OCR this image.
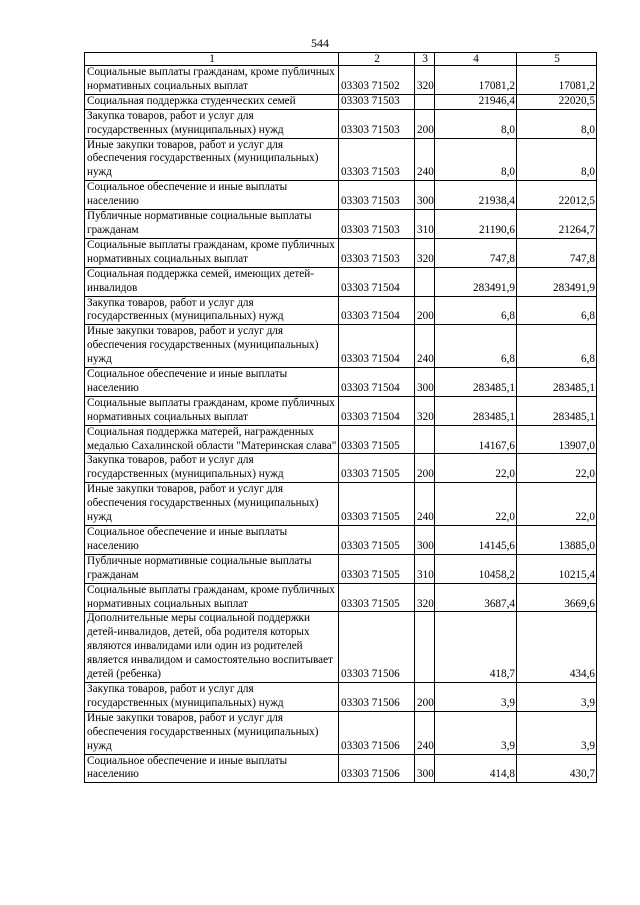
544
1	2	3	4	5
Социальные выплаты гражданам, кроме публичных нормативных социальных выплат	03303 71502	320	17081,2	17081,2
Социальная поддержка студенческих семей	03303 71503		21946,4	22020,5
Закупка товаров, работ и услуг для государственных (муниципальных) нужд	03303 71503	200	8,0	8,0
Иные закупки товаров, работ и услуг для обеспечения государственных (муниципальных) нужд	03303 71503	240	8,0	8,0
Социальное обеспечение и иные выплаты населению	03303 71503	300	21938,4	22012,5
Публичные нормативные социальные выплаты гражданам	03303 71503	310	21190,6	21264,7
Социальные выплаты гражданам, кроме публичных нормативных социальных выплат	03303 71503	320	747,8	747,8
Социальная поддержка семей, имеющих детей-инвалидов	03303 71504		283491,9	283491,9
Закупка товаров, работ и услуг для государственных (муниципальных) нужд	03303 71504	200	6,8	6,8
Иные закупки товаров, работ и услуг для обеспечения государственных (муниципальных) нужд	03303 71504	240	6,8	6,8
Социальное обеспечение и иные выплаты населению	03303 71504	300	283485,1	283485,1
Социальные выплаты гражданам, кроме публичных нормативных социальных выплат	03303 71504	320	283485,1	283485,1
Социальная поддержка матерей, награжденных медалью Сахалинской области "Материнская слава"	03303 71505		14167,6	13907,0
Закупка товаров, работ и услуг для государственных (муниципальных) нужд	03303 71505	200	22,0	22,0
Иные закупки товаров, работ и услуг для обеспечения государственных (муниципальных) нужд	03303 71505	240	22,0	22,0
Социальное обеспечение и иные выплаты населению	03303 71505	300	14145,6	13885,0
Публичные нормативные социальные выплаты гражданам	03303 71505	310	10458,2	10215,4
Социальные выплаты гражданам, кроме публичных нормативных социальных выплат	03303 71505	320	3687,4	3669,6
Дополнительные меры социальной поддержки детей-инвалидов, детей, оба родителя которых являются инвалидами или один из родителей является инвалидом и самостоятельно воспитывает детей (ребенка)	03303 71506		418,7	434,6
Закупка товаров, работ и услуг для государственных (муниципальных) нужд	03303 71506	200	3,9	3,9
Иные закупки товаров, работ и услуг для обеспечения государственных (муниципальных) нужд	03303 71506	240	3,9	3,9
Социальное обеспечение и иные выплаты населению	03303 71506	300	414,8	430,7
